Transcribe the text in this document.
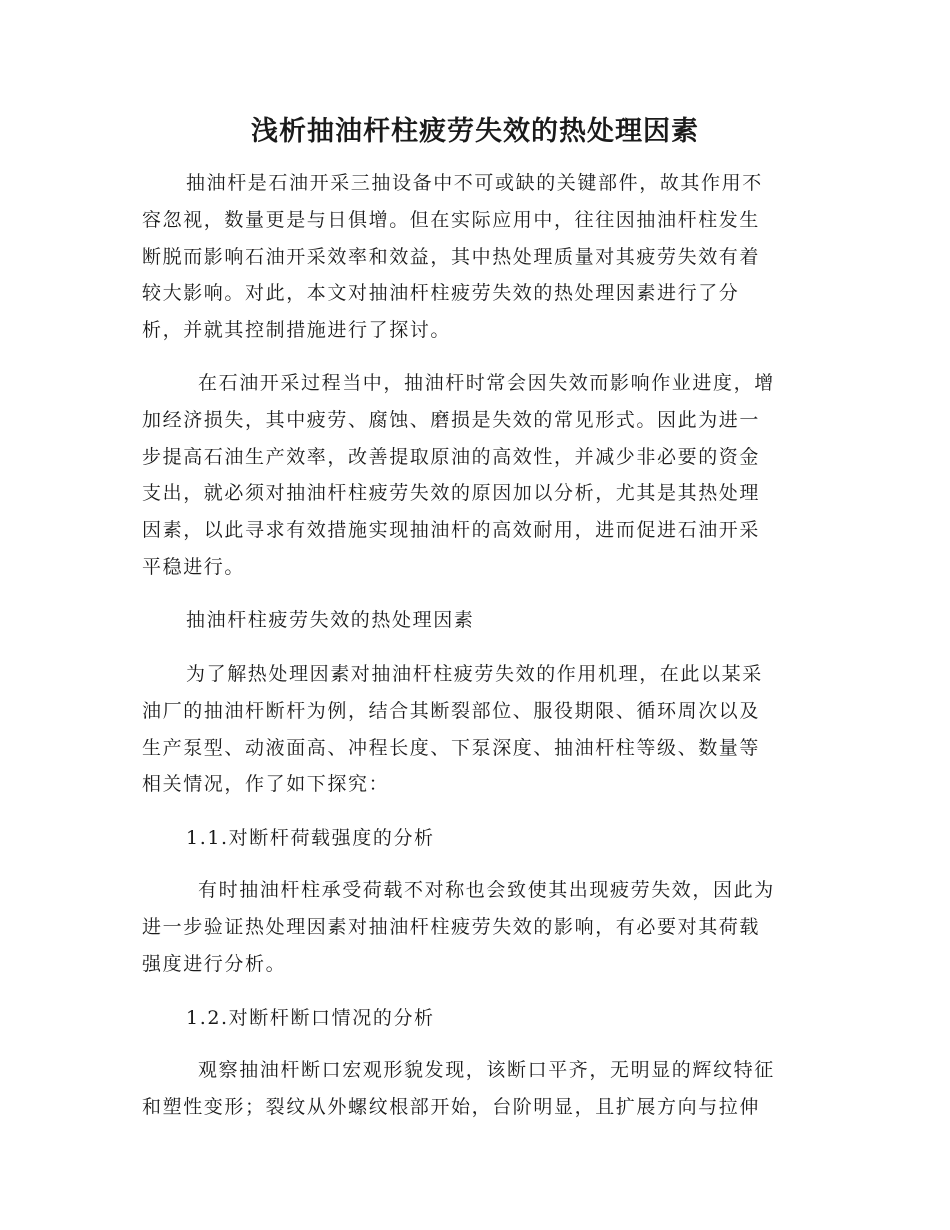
浅析抽油杆柱疲劳失效的热处理因素
抽油杆是石油开采三抽设备中不可或缺的关键部件，故其作用不
容忽视，数量更是与日俱增。但在实际应用中，往往因抽油杆柱发生
断脱而影响石油开采效率和效益，其中热处理质量对其疲劳失效有着
较大影响。对此，本文对抽油杆柱疲劳失效的热处理因素进行了分
析，并就其控制措施进行了探讨。
在石油开采过程当中，抽油杆时常会因失效而影响作业进度，增
加经济损失，其中疲劳、腐蚀、磨损是失效的常见形式。因此为进一
步提高石油生产效率，改善提取原油的高效性，并减少非必要的资金
支出，就必须对抽油杆柱疲劳失效的原因加以分析，尤其是其热处理
因素，以此寻求有效措施实现抽油杆的高效耐用，进而促进石油开采
平稳进行。
抽油杆柱疲劳失效的热处理因素
为了解热处理因素对抽油杆柱疲劳失效的作用机理，在此以某采
油厂的抽油杆断杆为例，结合其断裂部位、服役期限、循环周次以及
生产泵型、动液面高、冲程长度、下泵深度、抽油杆柱等级、数量等
相关情况，作了如下探究：
1.1.对断杆荷载强度的分析
有时抽油杆柱承受荷载不对称也会致使其出现疲劳失效，因此为
进一步验证热处理因素对抽油杆柱疲劳失效的影响，有必要对其荷载
强度进行分析。
1.2.对断杆断口情况的分析
观察抽油杆断口宏观形貌发现，该断口平齐，无明显的辉纹特征
和塑性变形；裂纹从外螺纹根部开始，台阶明显，且扩展方向与拉伸
